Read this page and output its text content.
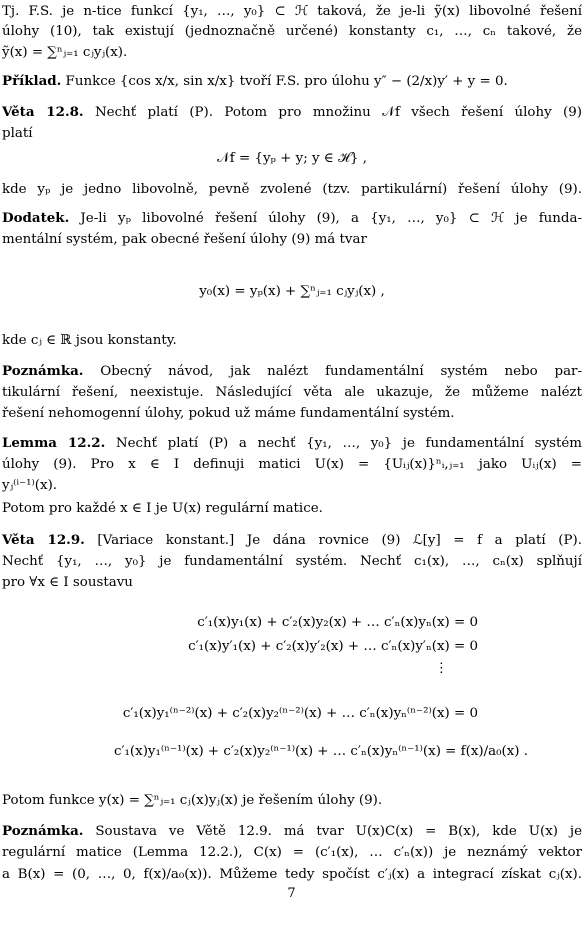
Tj. F.S. je n-tice funkcí {y₁, …, y₀} ⊂ ℋ taková, že je-li ỹ(x) libovolné řešení
úlohy (10), tak existují (jednoznačně určené) konstanty c₁, …, cₙ takové, že
ỹ(x) = ∑ⁿⱼ₌₁ cⱼyⱼ(x).
Příklad. Funkce {cos x/x, sin x/x} tvoří F.S. pro úlohu y″ − (2/x)y′ + y = 0.
Věta 12.8. Nechť platí (P). Potom pro množinu 𝒩f všech řešení úlohy (9)
platí
𝒩f = {yₚ + y; y ∈ ℋ} ,
kde yₚ je jedno libovolně, pevně zvolené (tzv. partikulární) řešení úlohy (9).
Dodatek. Je-li yₚ libovolné řešení úlohy (9), a {y₁, …, y₀} ⊂ ℋ je funda-
mentální systém, pak obecné řešení úlohy (9) má tvar
y₀(x) = yₚ(x) + ∑ⁿⱼ₌₁ cⱼyⱼ(x) ,
kde cⱼ ∈ ℝ jsou konstanty.
Poznámka. Obecný návod, jak nalézt fundamentální systém nebo par-
tikulární řešení, neexistuje. Následující věta ale ukazuje, že můžeme nalézt
řešení nehomogenní úlohy, pokud už máme fundamentální systém.
Lemma 12.2. Nechť platí (P) a nechť {y₁, …, y₀} je fundamentální systém
úlohy (9). Pro x ∈ I definuji matici U(x) = {Uᵢⱼ(x)}ⁿᵢ,ⱼ₌₁ jako Uᵢⱼ(x) =
yⱼ⁽ⁱ⁻¹⁾(x).
Potom pro každé x ∈ I je U(x) regulární matice.
Věta 12.9. [Variace konstant.] Je dána rovnice (9) ℒ[y] = f a platí (P).
Nechť {y₁, …, y₀} je fundamentální systém. Nechť c₁(x), …, cₙ(x) splňují
pro ∀x ∈ I soustavu
c′₁(x)y₁(x) + c′₂(x)y₂(x) + … c′ₙ(x)yₙ(x) = 0
c′₁(x)y′₁(x) + c′₂(x)y′₂(x) + … c′ₙ(x)y′ₙ(x) = 0
⋮
c′₁(x)y₁⁽ⁿ⁻²⁾(x) + c′₂(x)y₂⁽ⁿ⁻²⁾(x) + … c′ₙ(x)yₙ⁽ⁿ⁻²⁾(x) = 0
c′₁(x)y₁⁽ⁿ⁻¹⁾(x) + c′₂(x)y₂⁽ⁿ⁻¹⁾(x) + … c′ₙ(x)yₙ⁽ⁿ⁻¹⁾(x) = f(x)/a₀(x) .
Potom funkce y(x) = ∑ⁿⱼ₌₁ cⱼ(x)yⱼ(x) je řešením úlohy (9).
Poznámka. Soustava ve Větě 12.9. má tvar U(x)C(x) = B(x), kde U(x) je
regulární matice (Lemma 12.2.), C(x) = (c′₁(x), … c′ₙ(x)) je neznámý vektor
a B(x) = (0, …, 0, f(x)/a₀(x)). Můžeme tedy spočíst c′ⱼ(x) a integrací získat cⱼ(x).
7
